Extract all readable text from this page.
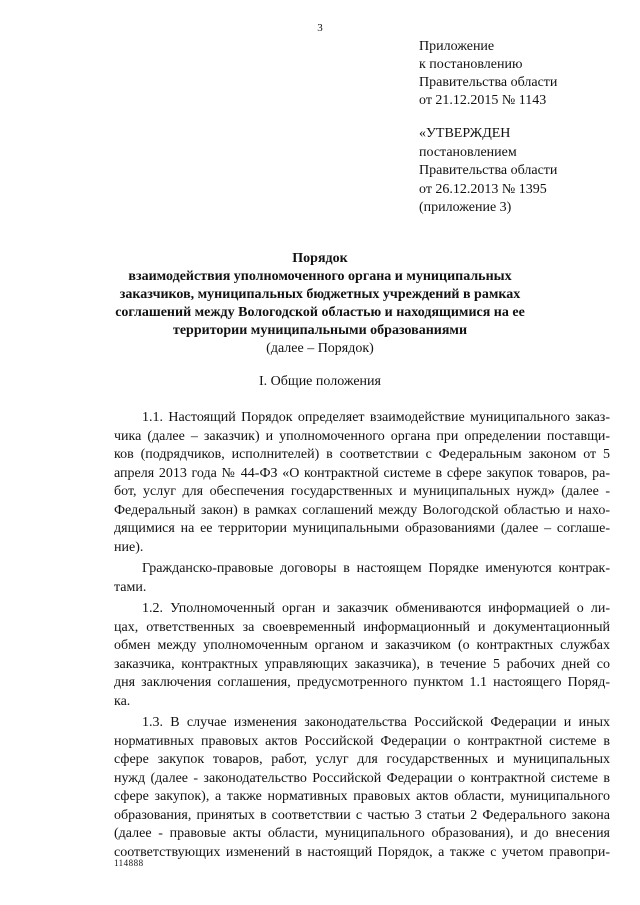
3
Приложение
к постановлению
Правительства области
от 21.12.2015 № 1143
«УТВЕРЖДЕН
постановлением
Правительства области
от 26.12.2013 № 1395
(приложение 3)
Порядок
взаимодействия уполномоченного органа и муниципальных
заказчиков, муниципальных бюджетных учреждений в рамках
соглашений между Вологодской областью и находящимися на ее
территории муниципальными образованиями
(далее – Порядок)
I. Общие положения

1.1. Настоящий Порядок определяет взаимодействие муниципального заказ-
чика (далее – заказчик) и уполномоченного органа при определении поставщи-
ков (подрядчиков, исполнителей) в соответствии с Федеральным законом от 5
апреля 2013 года № 44-ФЗ «О контрактной системе в сфере закупок товаров, ра-
бот, услуг для обеспечения государственных и муниципальных нужд» (далее -
Федеральный закон) в рамках соглашений между Вологодской областью и нахо-
дящимися на ее территории муниципальными образованиями (далее – соглаше-
ние).

Гражданско-правовые договоры в настоящем Порядке именуются контрак-
тами.

1.2. Уполномоченный орган и заказчик обмениваются информацией о ли-
цах, ответственных за своевременный информационный и документационный
обмен между уполномоченным органом и заказчиком (о контрактных службах
заказчика, контрактных управляющих заказчика), в течение 5 рабочих дней со
дня заключения соглашения, предусмотренного пунктом 1.1 настоящего Поряд-
ка.

1.3. В случае изменения законодательства Российской Федерации и иных
нормативных правовых актов Российской Федерации о контрактной системе в
сфере закупок товаров, работ, услуг для государственных и муниципальных
нужд (далее - законодательство Российской Федерации о контрактной системе в
сфере закупок), а также нормативных правовых актов области, муниципального
образования, принятых в соответствии с частью 3 статьи 2 Федерального закона
(далее - правовые акты области, муниципального образования), и до внесения
соответствующих изменений в настоящий Порядок, а также с учетом правопри-

114888
